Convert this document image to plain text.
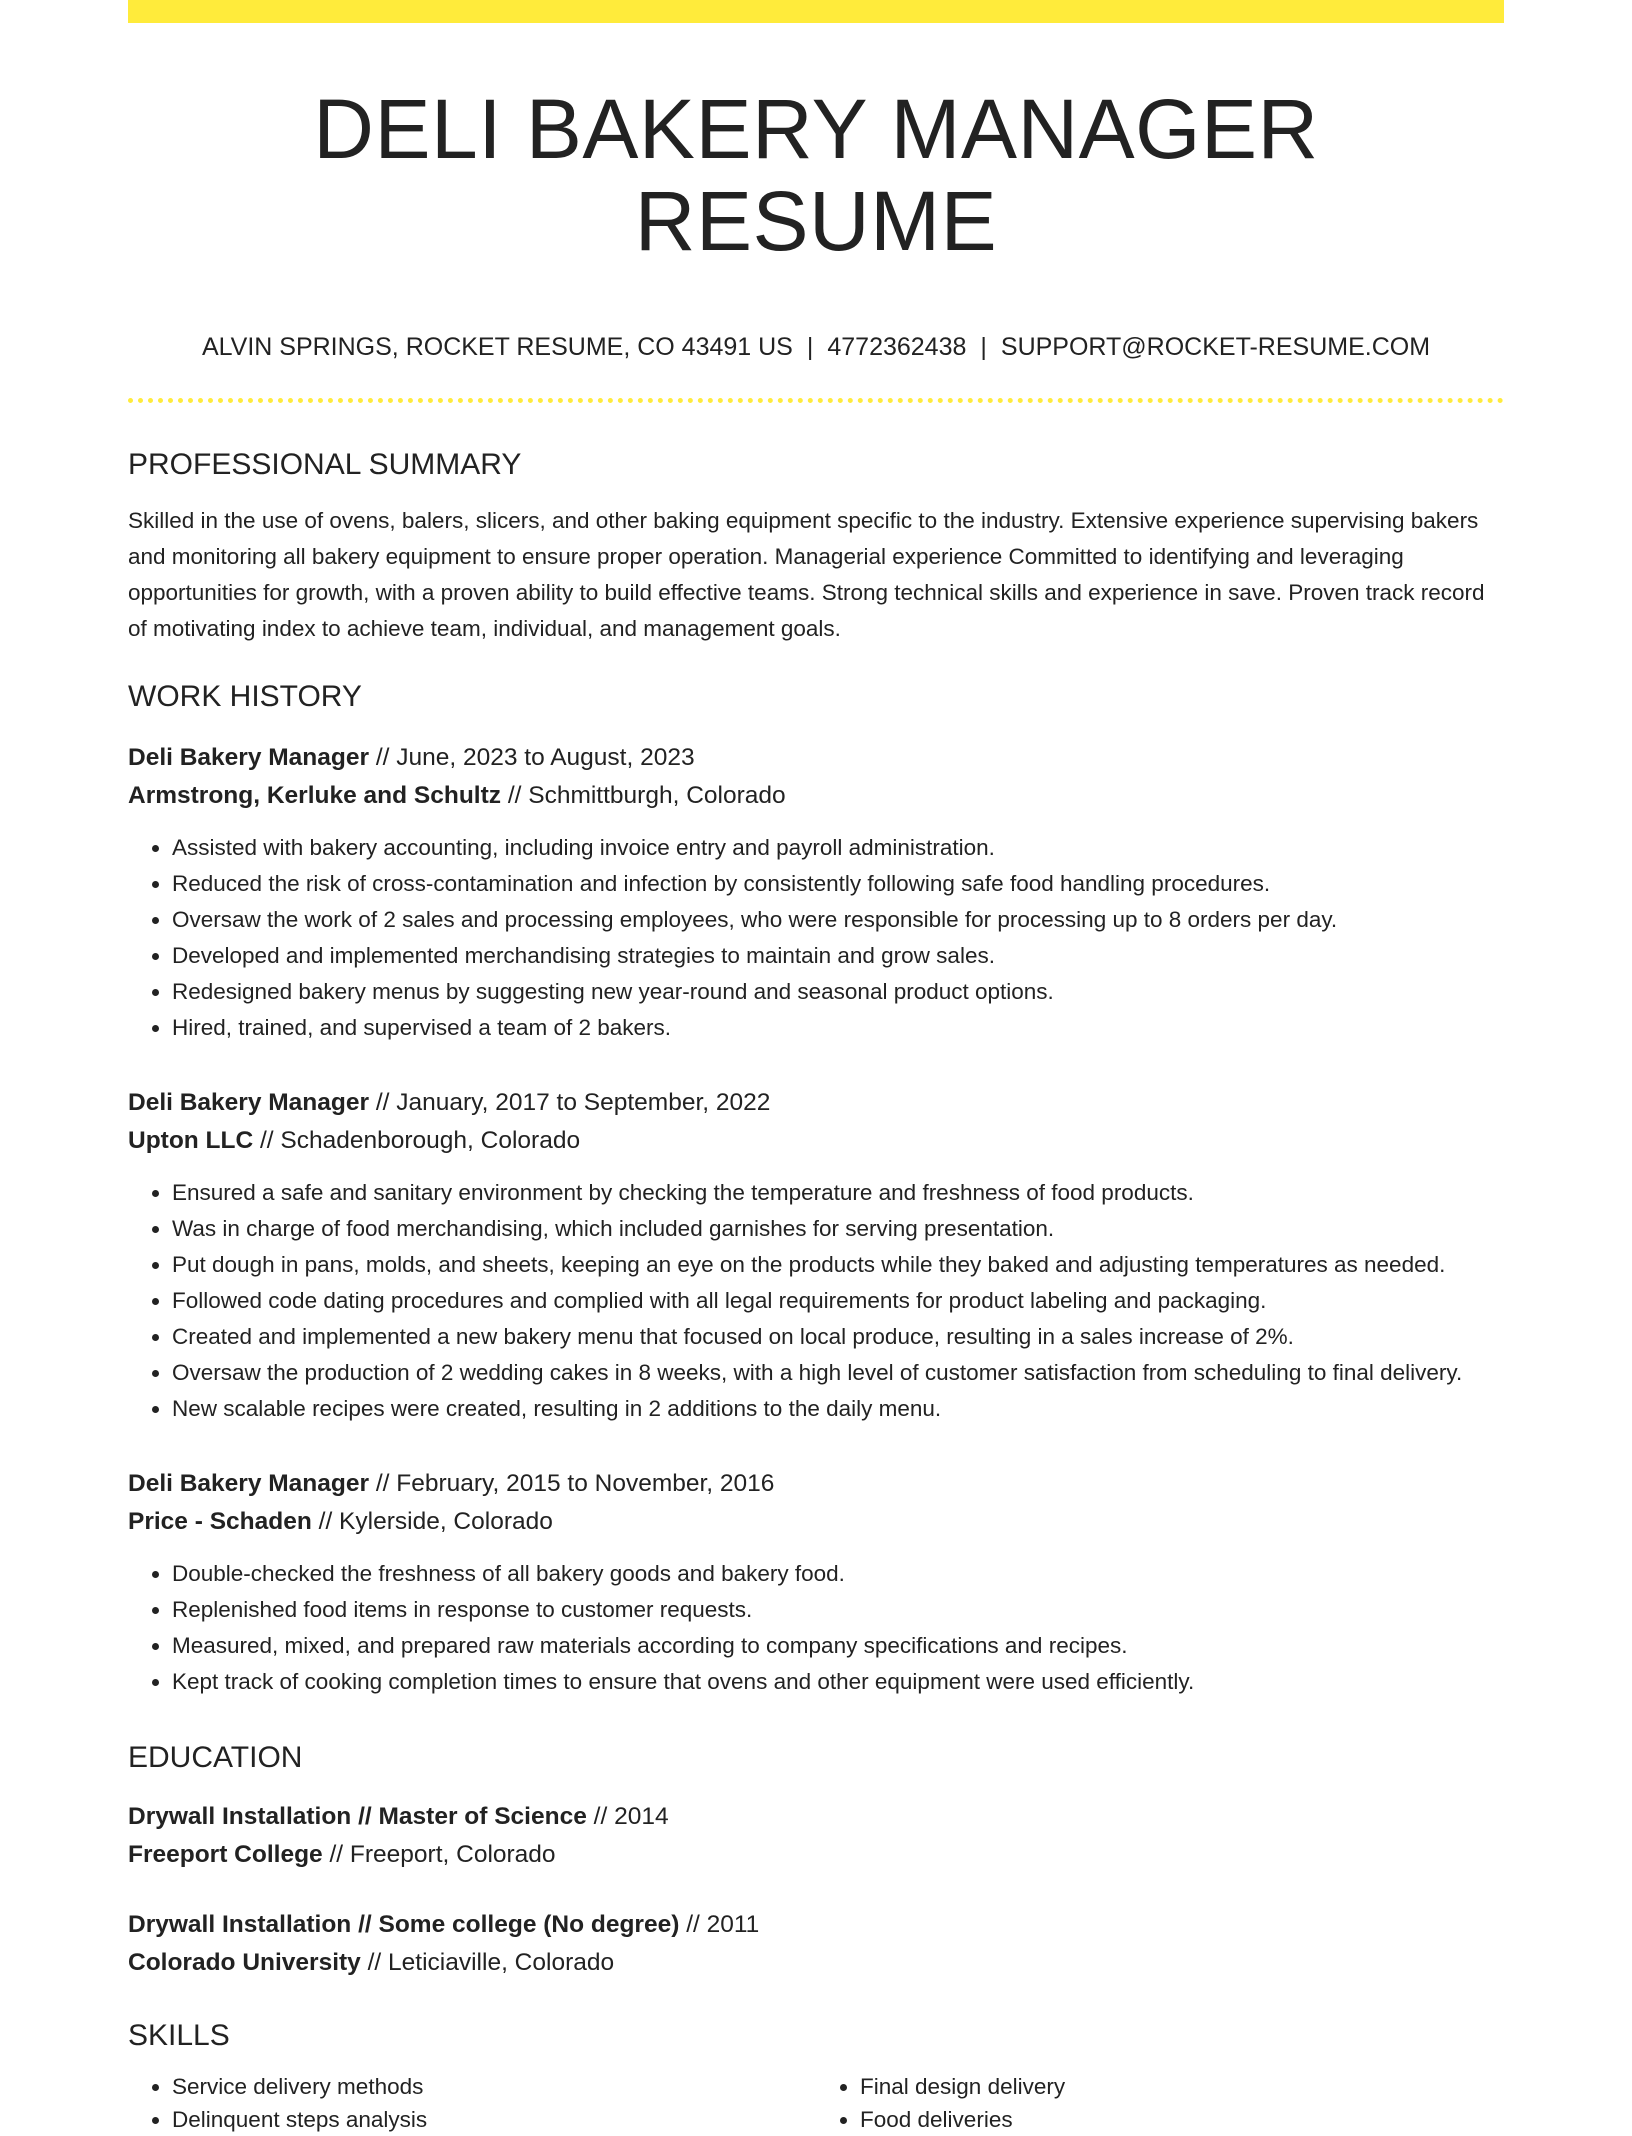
DELI BAKERY MANAGER RESUME
ALVIN SPRINGS, ROCKET RESUME, CO 43491 US | 4772362438 | SUPPORT@ROCKET-RESUME.COM
PROFESSIONAL SUMMARY
Skilled in the use of ovens, balers, slicers, and other baking equipment specific to the industry. Extensive experience supervising bakers and monitoring all bakery equipment to ensure proper operation. Managerial experience Committed to identifying and leveraging opportunities for growth, with a proven ability to build effective teams. Strong technical skills and experience in save. Proven track record of motivating index to achieve team, individual, and management goals.
WORK HISTORY
Deli Bakery Manager // June, 2023 to August, 2023
Armstrong, Kerluke and Schultz // Schmittburgh, Colorado
• Assisted with bakery accounting, including invoice entry and payroll administration.
• Reduced the risk of cross-contamination and infection by consistently following safe food handling procedures.
• Oversaw the work of 2 sales and processing employees, who were responsible for processing up to 8 orders per day.
• Developed and implemented merchandising strategies to maintain and grow sales.
• Redesigned bakery menus by suggesting new year-round and seasonal product options.
• Hired, trained, and supervised a team of 2 bakers.
Deli Bakery Manager // January, 2017 to September, 2022
Upton LLC // Schadenborough, Colorado
• Ensured a safe and sanitary environment by checking the temperature and freshness of food products.
• Was in charge of food merchandising, which included garnishes for serving presentation.
• Put dough in pans, molds, and sheets, keeping an eye on the products while they baked and adjusting temperatures as needed.
• Followed code dating procedures and complied with all legal requirements for product labeling and packaging.
• Created and implemented a new bakery menu that focused on local produce, resulting in a sales increase of 2%.
• Oversaw the production of 2 wedding cakes in 8 weeks, with a high level of customer satisfaction from scheduling to final delivery.
• New scalable recipes were created, resulting in 2 additions to the daily menu.
Deli Bakery Manager // February, 2015 to November, 2016
Price - Schaden // Kylerside, Colorado
• Double-checked the freshness of all bakery goods and bakery food.
• Replenished food items in response to customer requests.
• Measured, mixed, and prepared raw materials according to company specifications and recipes.
• Kept track of cooking completion times to ensure that ovens and other equipment were used efficiently.
EDUCATION
Drywall Installation // Master of Science // 2014
Freeport College // Freeport, Colorado
Drywall Installation // Some college (No degree) // 2011
Colorado University // Leticiaville, Colorado
SKILLS
• Service delivery methods
• Delinquent steps analysis
• Final design delivery
• Food deliveries
